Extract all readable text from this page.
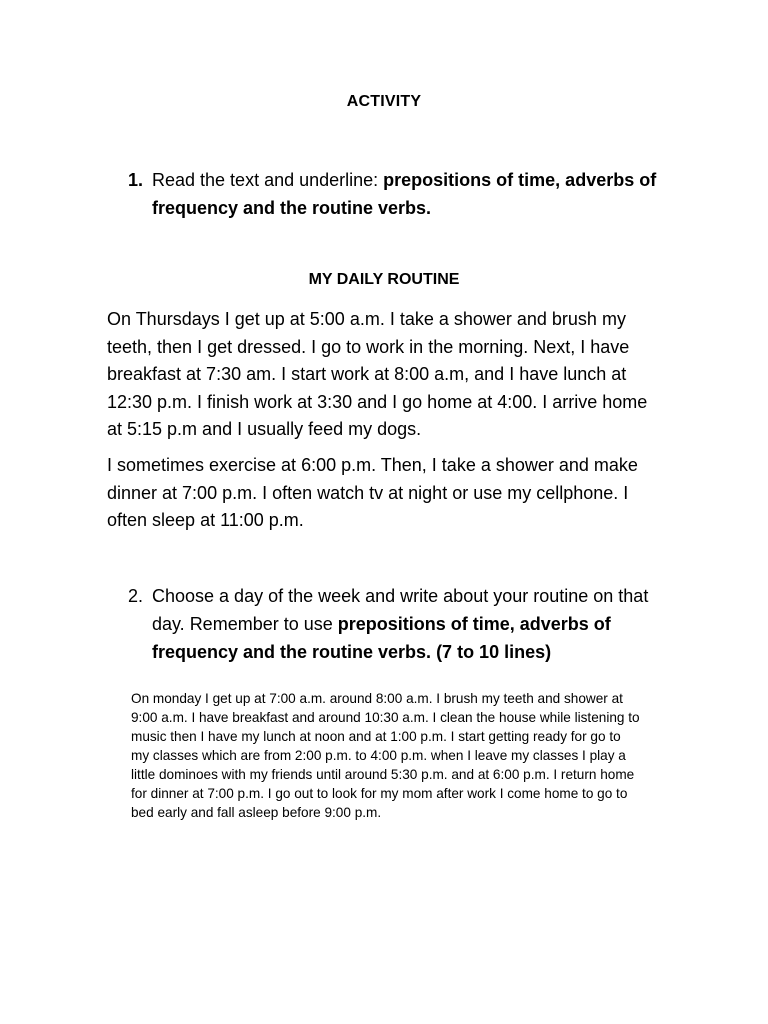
ACTIVITY
1. Read the text and underline: prepositions of time, adverbs of frequency and the routine verbs.
MY DAILY ROUTINE

On Thursdays I get up at 5:00 a.m. I take a shower and brush my teeth, then I get dressed. I go to work in the morning. Next, I have breakfast at 7:30 am. I start work at 8:00 a.m, and I have lunch at 12:30 p.m. I finish work at 3:30 and I go home at 4:00. I arrive home at 5:15 p.m and I usually feed my dogs.

I sometimes exercise at 6:00 p.m. Then, I take a shower and make dinner at 7:00 p.m. I often watch tv at night or use my cellphone. I often sleep at 11:00 p.m.

2. Choose a day of the week and write about your routine on that day. Remember to use prepositions of time, adverbs of frequency and the routine verbs. (7 to 10 lines)

On monday I get up at 7:00 a.m. around 8:00 a.m. I brush my teeth and shower at 9:00 a.m. I have breakfast and around 10:30 a.m. I clean the house while listening to music then I have my lunch at noon and at 1:00 p.m. I start getting ready for go to my classes which are from 2:00 p.m. to 4:00 p.m. when I leave my classes I play a little dominoes with my friends until around 5:30 p.m. and at 6:00 p.m. I return home for dinner at 7:00 p.m. I go out to look for my mom after work I come home to go to bed early and fall asleep before 9:00 p.m.
